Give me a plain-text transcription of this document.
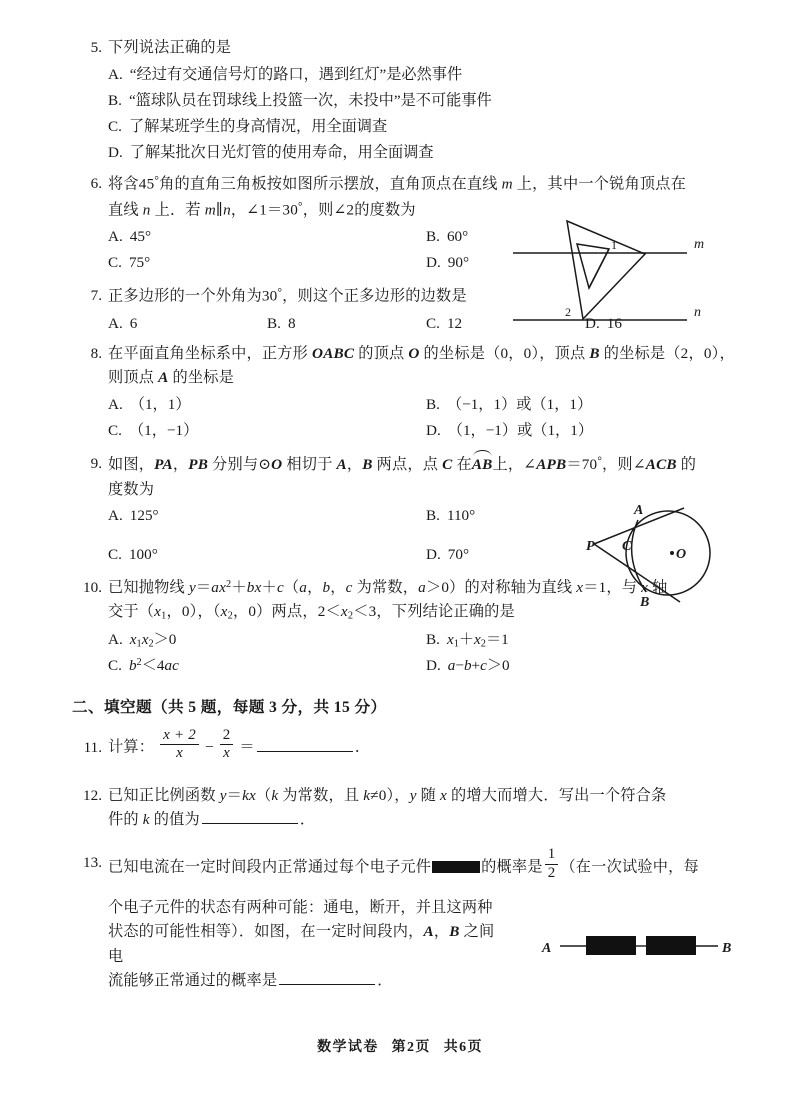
5. 下列说法正确的是
A. “经过有交通信号灯的路口，遇到红灯”是必然事件
B. “篮球队员在罚球线上投篮一次，未投中”是不可能事件
C. 了解某班学生的身高情况，用全面调查
D. 了解某批次日光灯管的使用寿命，用全面调查
6. 将含45°角的直角三角板按如图所示摆放，直角顶点在直线 m 上，其中一个锐角顶点在
直线 n 上．若 m∥n，∠1＝30°，则∠2的度数为
A. 45°	B. 60°
C. 75°	D. 90°
7. 正多边形的一个外角为30°，则这个正多边形的边数是
A. 6	B. 8	C. 12	D. 16
8. 在平面直角坐标系中，正方形 OABC 的顶点 O 的坐标是（0，0），顶点 B 的坐标是（2，0），
则顶点 A 的坐标是
A. （1，1）	B. （−1，1）或（1，1）
C. （1，−1）	D. （1，−1）或（1，1）
9. 如图，PA，PB 分别与⊙O 相切于 A，B 两点，点 C 在AB上，∠APB＝70°，则∠ACB 的
度数为
A. 125°	B. 110°
C. 100°	D. 70°
10. 已知抛物线 $y=ax^2+bx+c(a$，b，c 为常数，a＞0）的对称轴为直线 x＝1，与 x 轴
交于（$x_1$，0），（$x_2$，0）两点，$2<x_2<3$，下列结论正确的是
A. $x_1x_2>0$	B. $x_1+x_2=1$
C. $b^2<4ac$	D. a−b+c＞0
二、填空题（共 5 题，每题 3 分，共 15 分）
11. 计算： $\frac{x + 2}{x} - \frac{2}{x}$ ＝	．
12. 已知正比例函数 y＝kx（k 为常数，且 k≠0），y 随 x 的增大而增大．写出一个符合条
件的 k 的值为	．
13. 已知电流在一定时间段内正常通过每个电子元件	的概率是 $\frac{1}{2}$ （在一次试验中，每
个电子元件的状态有两种可能：通电，断开，并且这两种
状态的可能性相等）．如图，在一定时间段内，A，B 之间电
流能够正常通过的概率是	．
m
n
1
2
P
A
B
C
O
A	B
数学试卷 第2页 共6页
